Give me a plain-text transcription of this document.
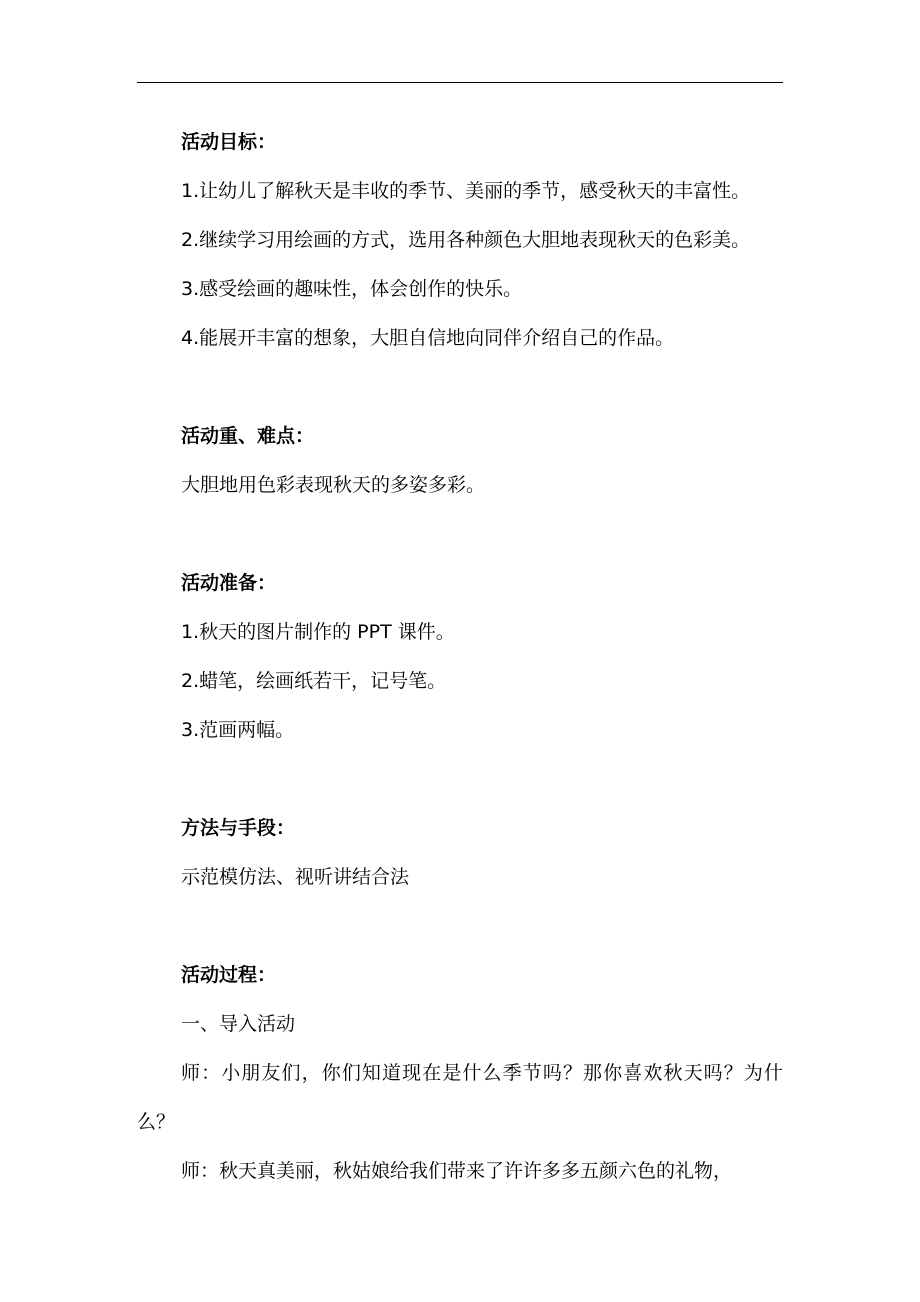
活动目标：

1.让幼儿了解秋天是丰收的季节、美丽的季节，感受秋天的丰富性。

2.继续学习用绘画的方式，选用各种颜色大胆地表现秋天的色彩美。

3.感受绘画的趣味性，体会创作的快乐。

4.能展开丰富的想象，大胆自信地向同伴介绍自己的作品。

活动重、难点：

大胆地用色彩表现秋天的多姿多彩。

活动准备：

1.秋天的图片制作的 PPT 课件。

2.蜡笔，绘画纸若干，记号笔。

3.范画两幅。

方法与手段：

示范模仿法、视听讲结合法

活动过程：

一、导入活动

师：小朋友们，你们知道现在是什么季节吗？那你喜欢秋天吗？为什么？

师：秋天真美丽，秋姑娘给我们带来了许许多多五颜六色的礼物，
